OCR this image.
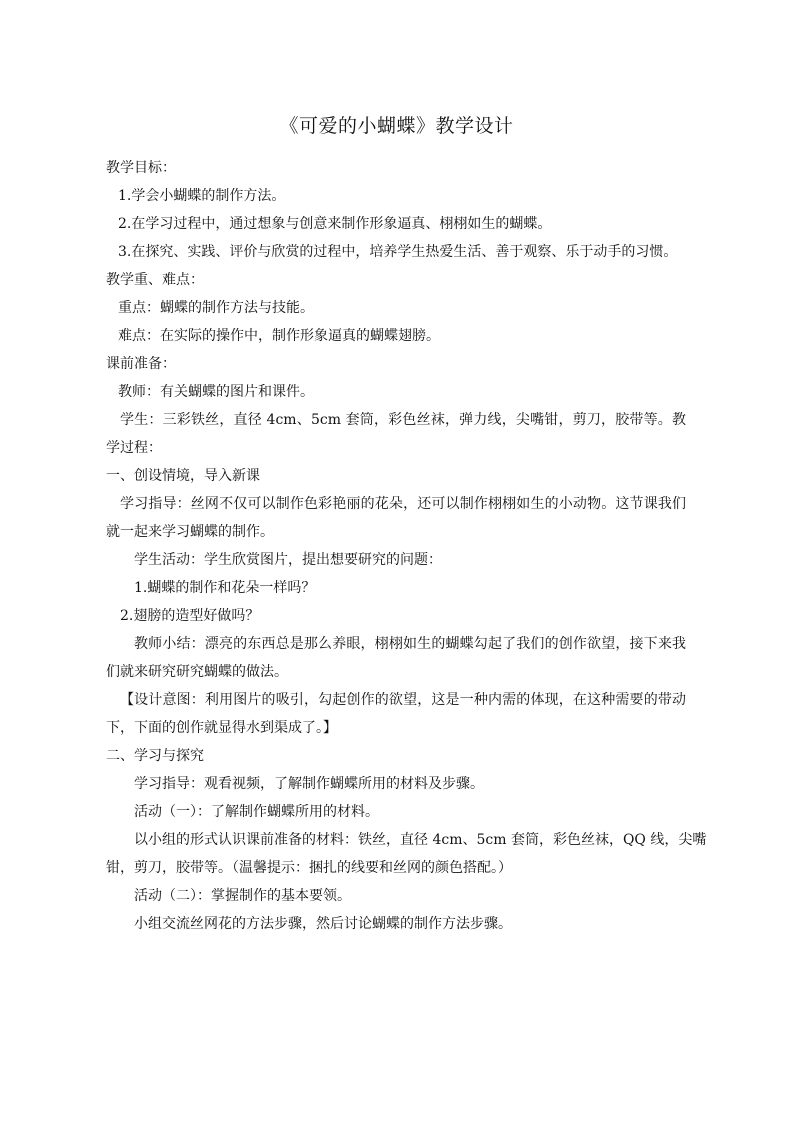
《可爱的小蝴蝶》教学设计
教学目标：
1.学会小蝴蝶的制作方法。
2.在学习过程中，通过想象与创意来制作形象逼真、栩栩如生的蝴蝶。
3.在探究、实践、评价与欣赏的过程中，培养学生热爱生活、善于观察、乐于动手的习惯。
教学重、难点：
重点：蝴蝶的制作方法与技能。
难点：在实际的操作中，制作形象逼真的蝴蝶翅膀。
课前准备：
教师：有关蝴蝶的图片和课件。
学生：三彩铁丝，直径 4cm、5cm 套筒，彩色丝袜，弹力线，尖嘴钳，剪刀，胶带等。教
学过程：
一、创设情境，导入新课
学习指导：丝网不仅可以制作色彩艳丽的花朵，还可以制作栩栩如生的小动物。这节课我们
就一起来学习蝴蝶的制作。
学生活动：学生欣赏图片，提出想要研究的问题：
1.蝴蝶的制作和花朵一样吗？
2.翅膀的造型好做吗？
教师小结：漂亮的东西总是那么养眼，栩栩如生的蝴蝶勾起了我们的创作欲望，接下来我
们就来研究研究蝴蝶的做法。
【设计意图：利用图片的吸引，勾起创作的欲望，这是一种内需的体现，在这种需要的带动
下，下面的创作就显得水到渠成了。】
二、学习与探究
学习指导：观看视频，了解制作蝴蝶所用的材料及步骤。
活动（一）：了解制作蝴蝶所用的材料。
以小组的形式认识课前准备的材料：铁丝，直径 4cm、5cm 套筒，彩色丝袜，QQ 线，尖嘴
钳，剪刀，胶带等。（温馨提示：捆扎的线要和丝网的颜色搭配。）
活动（二）：掌握制作的基本要领。
小组交流丝网花的方法步骤，然后讨论蝴蝶的制作方法步骤。
